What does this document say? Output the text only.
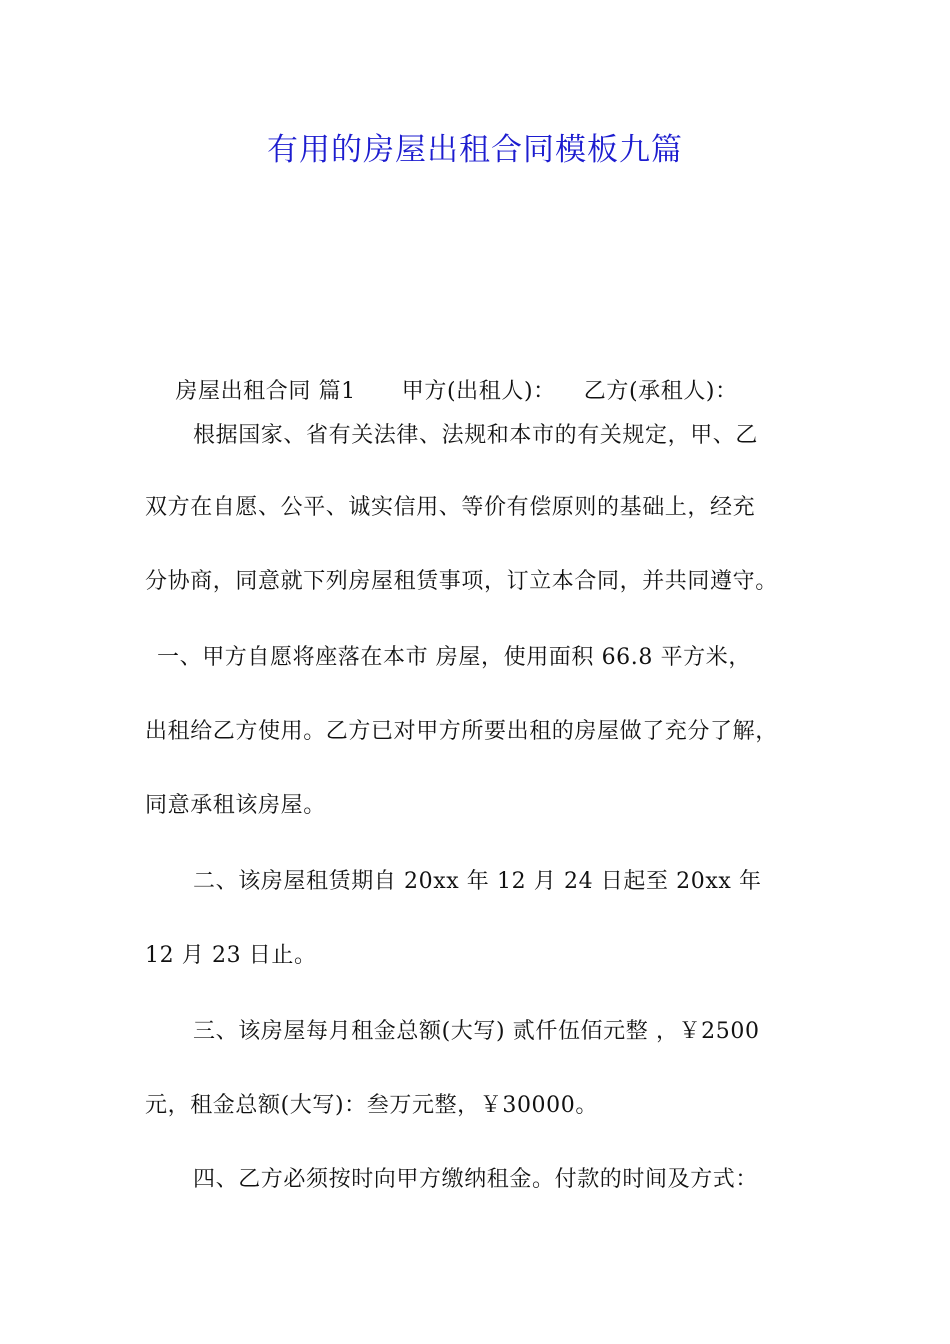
有用的房屋出租合同模板九篇

房屋出租合同 篇1 甲方(出租人)： 乙方(承租人)：

根据国家、省有关法律、法规和本市的有关规定，甲、乙
双方在自愿、公平、诚实信用、等价有偿原则的基础上，经充
分协商，同意就下列房屋租赁事项，订立本合同，并共同遵守。
一、甲方自愿将座落在本市 房屋，使用面积 66.8 平方米，
出租给乙方使用。乙方已对甲方所要出租的房屋做了充分了解，
同意承租该房屋。
二、该房屋租赁期自 20xx 年 12 月 24 日起至 20xx 年
12 月 23 日止。
三、该房屋每月租金总额(大写) 贰仟伍佰元整 ，￥2500
元，租金总额(大写)：叁万元整，￥30000。
四、乙方必须按时向甲方缴纳租金。付款的时间及方式：
